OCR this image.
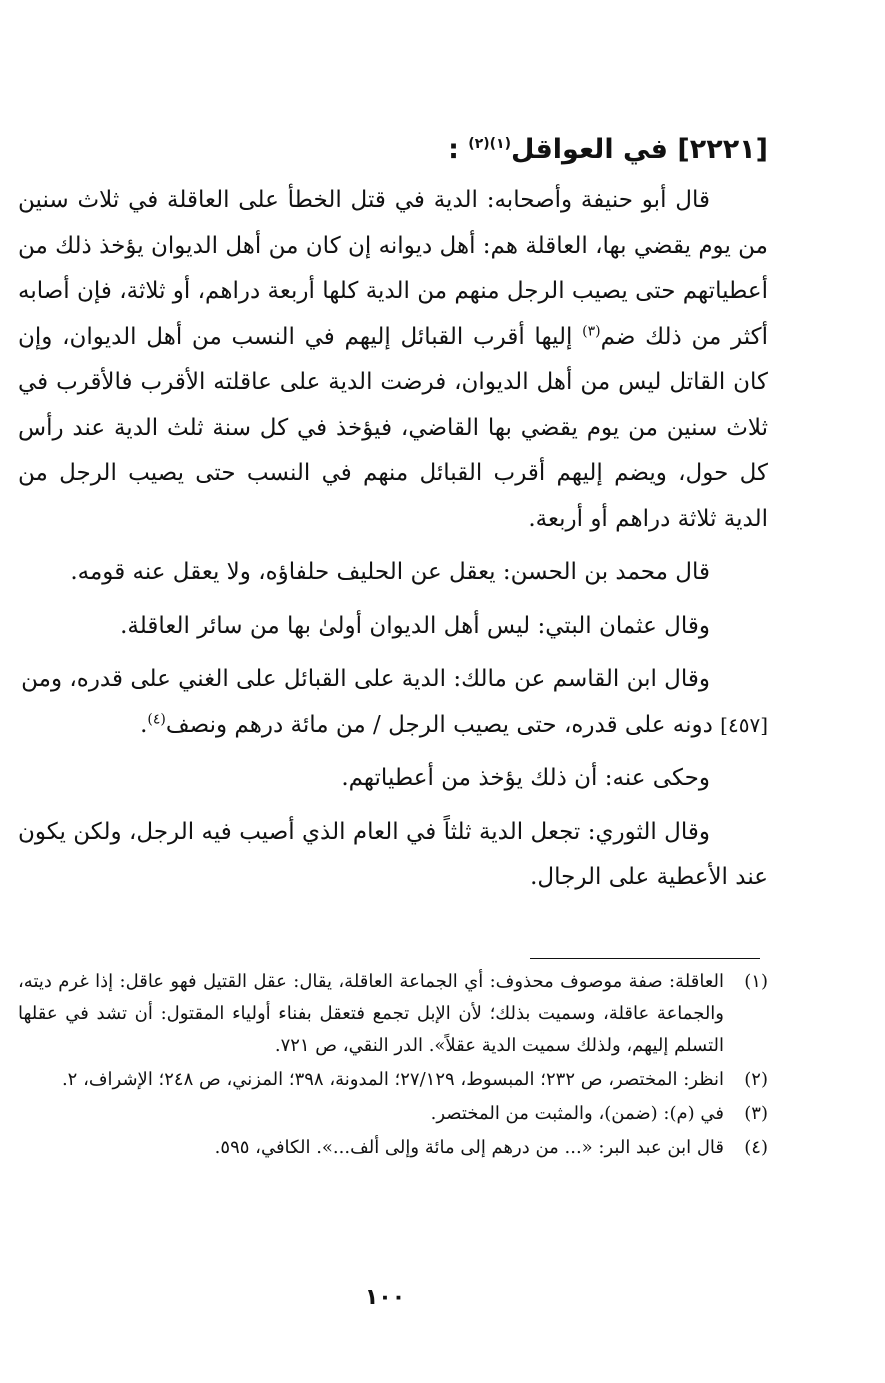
[٢٢٢١] في العواقل$^{(١)(٢)}$ :

قال أبو حنيفة وأصحابه: الدية في قتل الخطأ على العاقلة في ثلاث سنين من يوم يقضي بها، العاقلة هم: أهل ديوانه إن كان من أهل الديوان يؤخذ ذلك من أعطياتهم حتى يصيب الرجل منهم من الدية كلها أربعة دراهم، أو ثلاثة، فإن أصابه أكثر من ذلك ضم$^{(٣)}$ إليها أقرب القبائل إليهم في النسب من أهل الديوان، وإن كان القاتل ليس من أهل الديوان، فرضت الدية على عاقلته الأقرب فالأقرب في ثلاث سنين من يوم يقضي بها القاضي، فيؤخذ في كل سنة ثلث الدية عند رأس كل حول، ويضم إليهم أقرب القبائل منهم في النسب حتى يصيب الرجل من الدية ثلاثة دراهم أو أربعة.

قال محمد بن الحسن: يعقل عن الحليف حلفاؤه، ولا يعقل عنه قومه.

وقال عثمان البتي: ليس أهل الديوان أولىٰ بها من سائر العاقلة.

وقال ابن القاسم عن مالك: الدية على القبائل على الغني على قدره، ومن
[٤٥٧] دونه على قدره، حتى يصيب الرجل / من مائة درهم ونصف$^{(٤)}$.

وحكى عنه: أن ذلك يؤخذ من أعطياتهم.

وقال الثوري: تجعل الدية ثلثاً في العام الذي أصيب فيه الرجل، ولكن يكون عند الأعطية على الرجال.

(١)
العاقلة: صفة موصوف محذوف: أي الجماعة العاقلة، يقال: عقل القتيل فهو عاقل: إذا غرم ديته، والجماعة عاقلة، وسميت بذلك؛ لأن الإبل تجمع فتعقل بفناء أولياء المقتول: أن تشد في عقلها التسلم إليهم، ولذلك سميت الدية عقلاً». الدر النقي، ص ٧٢١.
(٢)
انظر: المختصر، ص ٢٣٢؛ المبسوط، ٢٧/١٢٩؛ المدونة، ٣٩٨؛ المزني، ص ٢٤٨؛ الإشراف، ٢.
(٣)
في (م): (ضمن)، والمثبت من المختصر.
(٤)
قال ابن عبد البر: «... من درهم إلى مائة وإلى ألف...». الكافي، ٥٩٥.
١٠٠
